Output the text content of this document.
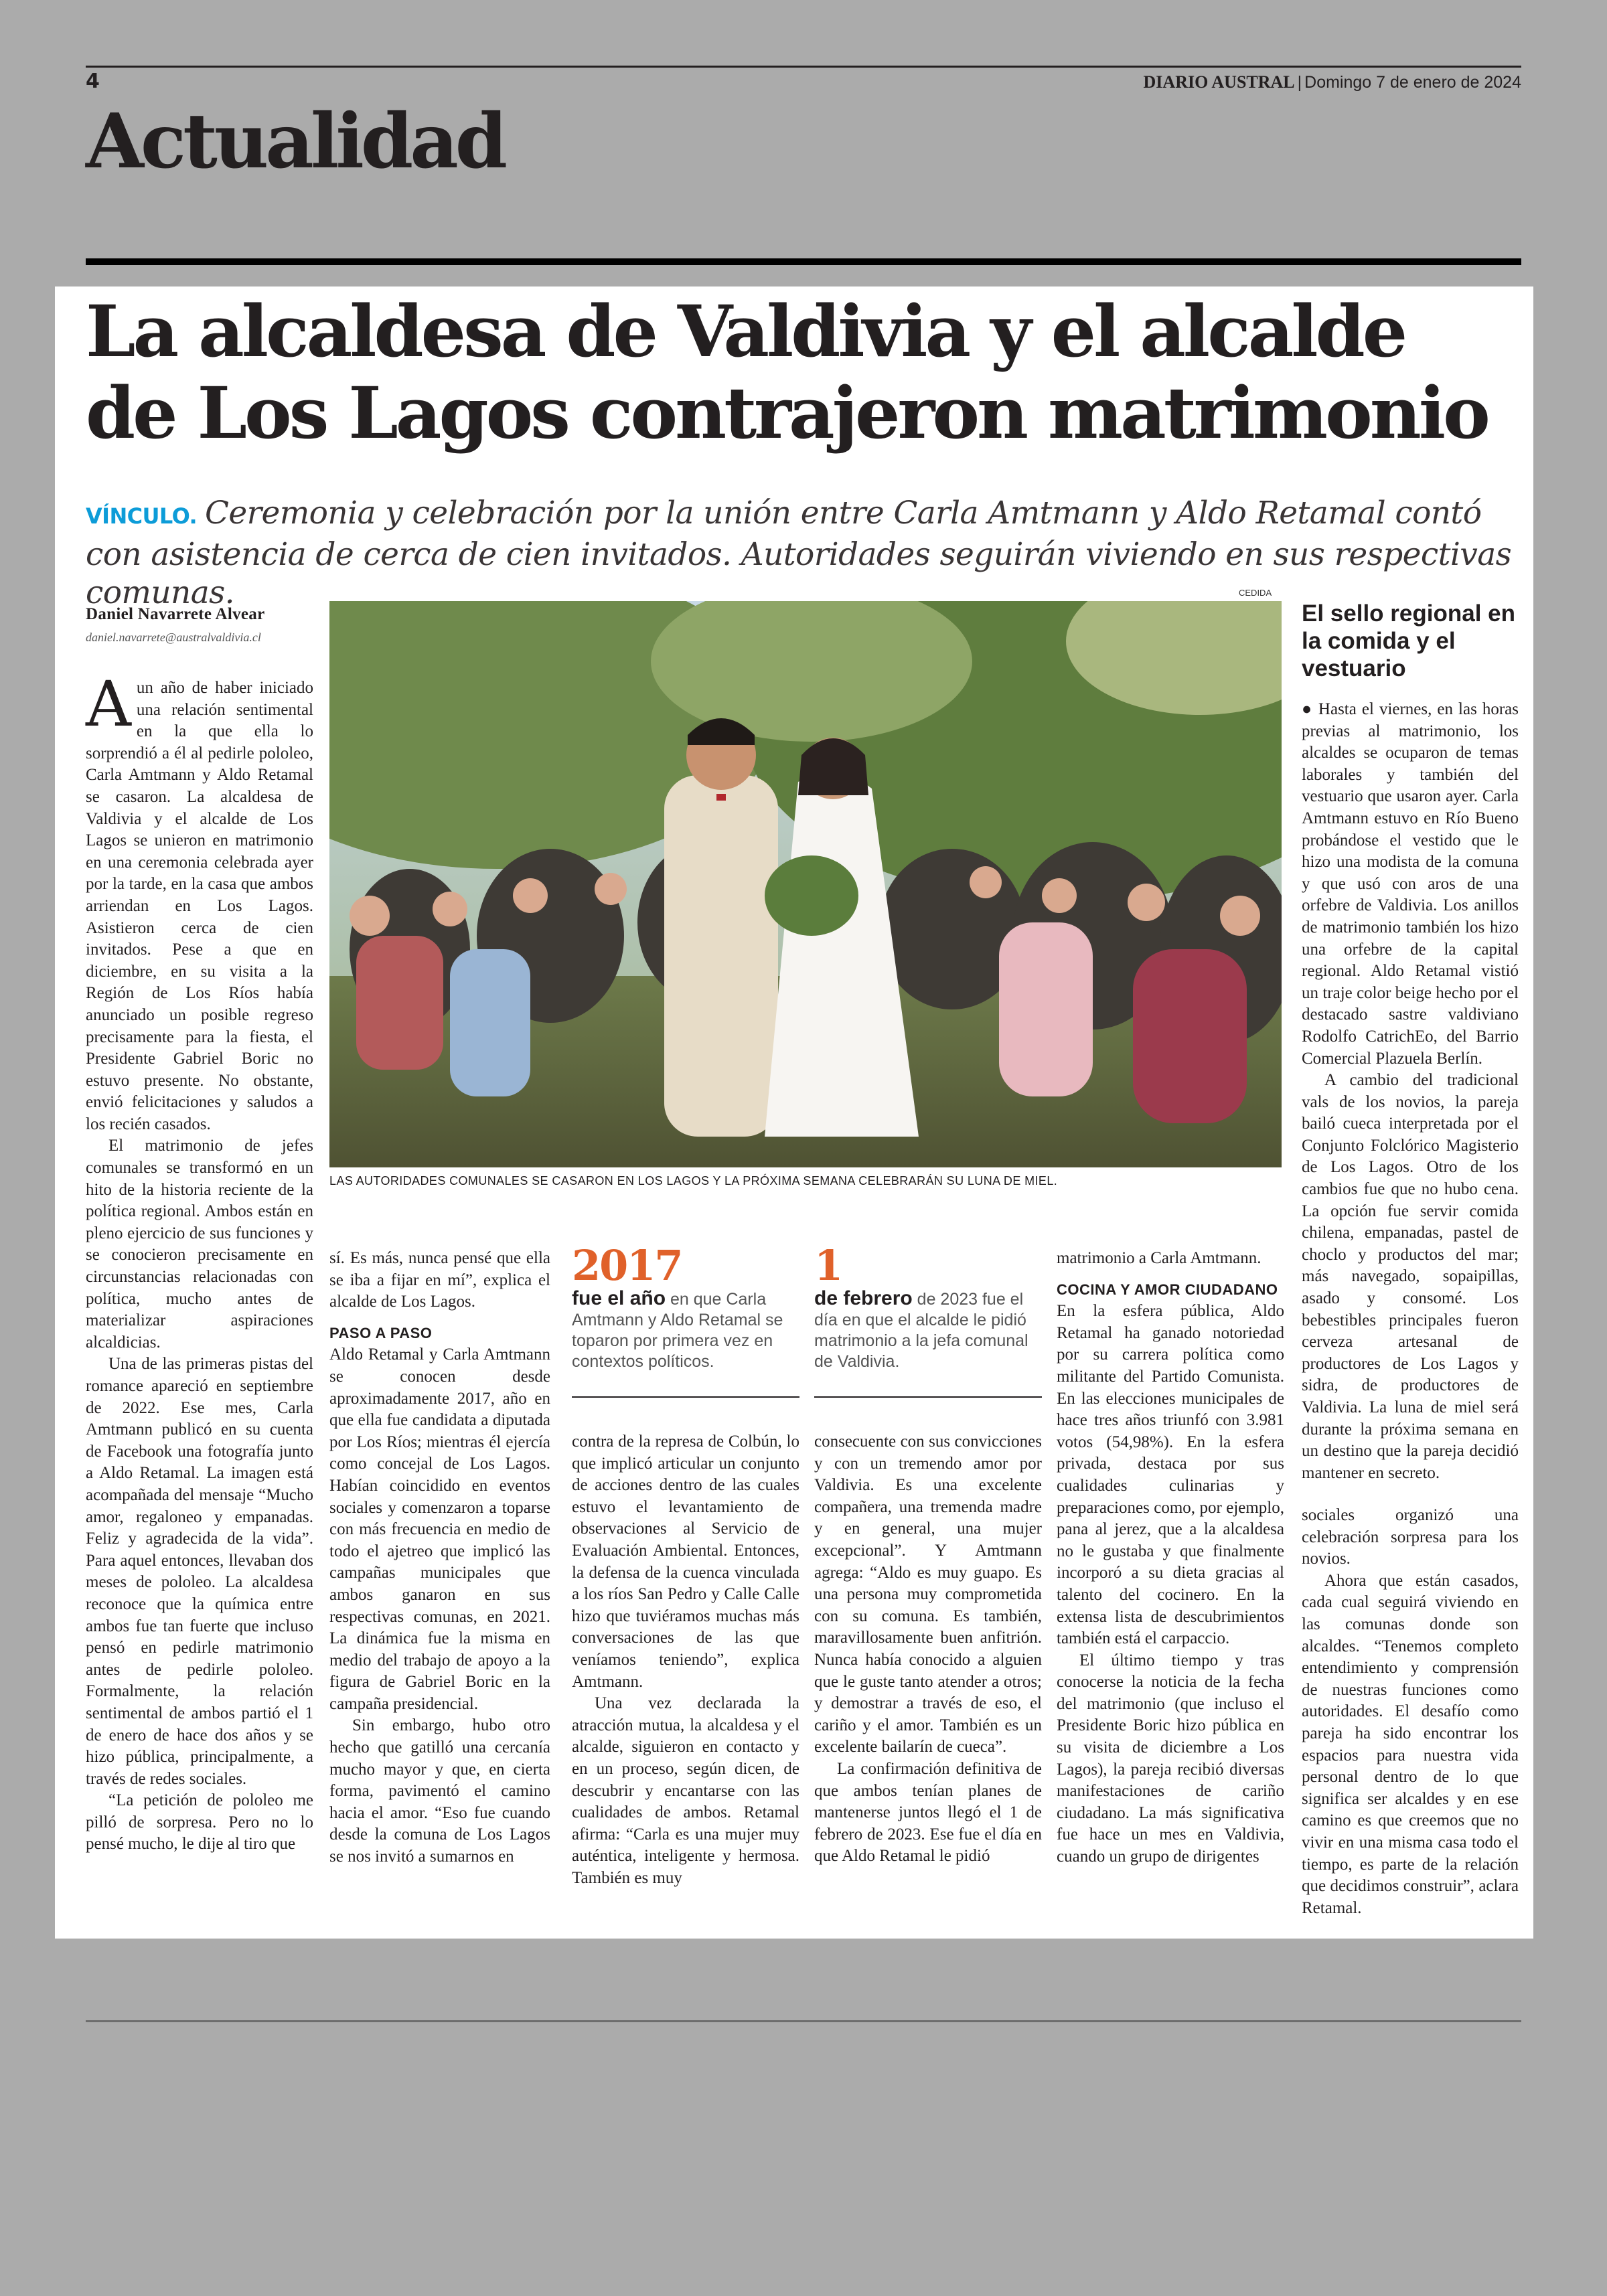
4	DIARIO AUSTRAL | Domingo 7 de enero de 2024
Actualidad
La alcaldesa de Valdivia y el alcalde de Los Lagos contrajeron matrimonio
VÍNCULO. Ceremonia y celebración por la unión entre Carla Amtmann y Aldo Retamal contó con asistencia de cerca de cien invitados. Autoridades seguirán viviendo en sus respectivas comunas.
Daniel Navarrete Alvear
daniel.navarrete@australvaldivia.cl

Aun año de haber iniciado una relación sentimental en la que ella lo sorprendió a él al pedirle pololeo, Carla Amtmann y Aldo Retamal se casaron. La alcaldesa de Valdivia y el alcalde de Los Lagos se unieron en matrimonio en una ceremonia celebrada ayer por la tarde, en la casa que ambos arriendan en Los Lagos. Asistieron cerca de cien invitados. Pese a que en diciembre, en su visita a la Región de Los Ríos había anunciado un posible regreso precisamente para la fiesta, el Presidente Gabriel Boric no estuvo presente. No obstante, envió felicitaciones y saludos a los recién casados.

El matrimonio de jefes comunales se transformó en un hito de la historia reciente de la política regional. Ambos están en pleno ejercicio de sus funciones y se conocieron precisamente en circunstancias relacionadas con política, mucho antes de materializar aspiraciones alcaldicias.

Una de las primeras pistas del romance apareció en septiembre de 2022. Ese mes, Carla Amtmann publicó en su cuenta de Facebook una fotografía junto a Aldo Retamal. La imagen está acompañada del mensaje “Mucho amor, regaloneo y empanadas. Feliz y agradecida de la vida”. Para aquel entonces, llevaban dos meses de pololeo. La alcaldesa reconoce que la química entre ambos fue tan fuerte que incluso pensó en pedirle matrimonio antes de pedirle pololeo. Formalmente, la relación sentimental de ambos partió el 1 de enero de hace dos años y se hizo pública, principalmente, a través de redes sociales.

“La petición de pololeo me pilló de sorpresa. Pero no lo pensé mucho, le dije al tiro que

CEDIDA
LAS AUTORIDADES COMUNALES SE CASARON EN LOS LAGOS Y LA PRÓXIMA SEMANA CELEBRARÁN SU LUNA DE MIEL.

sí. Es más, nunca pensé que ella se iba a fijar en mí”, explica el alcalde de Los Lagos.

PASO A PASO

Aldo Retamal y Carla Amtmann se conocen desde aproximadamente 2017, año en que ella fue candidata a diputada por Los Ríos; mientras él ejercía como concejal de Los Lagos. Habían coincidido en eventos sociales y comenzaron a toparse con más frecuencia en medio de todo el ajetreo que implicó las campañas municipales que ambos ganaron en sus respectivas comunas, en 2021. La dinámica fue la misma en medio del trabajo de apoyo a la figura de Gabriel Boric en la campaña presidencial.

Sin embargo, hubo otro hecho que gatilló una cercanía mucho mayor y que, en cierta forma, pavimentó el camino hacia el amor. “Eso fue cuando desde la comuna de Los Lagos se nos invitó a sumarnos en

2017
fue el año en que Carla Amtmann y Aldo Retamal se toparon por primera vez en contextos políticos.
1
de febrero de 2023 fue el día en que el alcalde le pidió matrimonio a la jefa comunal de Valdivia.

contra de la represa de Colbún, lo que implicó articular un conjunto de acciones dentro de las cuales estuvo el levantamiento de observaciones al Servicio de Evaluación Ambiental. Entonces, la defensa de la cuenca vinculada a los ríos San Pedro y Calle Calle hizo que tuviéramos muchas más conversaciones de las que veníamos teniendo”, explica Amtmann.

Una vez declarada la atracción mutua, la alcaldesa y el alcalde, siguieron en contacto y en un proceso, según dicen, de descubrir y encantarse con las cualidades de ambos. Retamal afirma: “Carla es una mujer muy auténtica, inteligente y hermosa. También es muy

consecuente con sus convicciones y con un tremendo amor por Valdivia. Es una excelente compañera, una tremenda madre y en general, una mujer excepcional”. Y Amtmann agrega: “Aldo es muy guapo. Es una persona muy comprometida con su comuna. Es también, maravillosamente buen anfitrión. Nunca había conocido a alguien que le guste tanto atender a otros; y demostrar a través de eso, el cariño y el amor. También es un excelente bailarín de cueca”.

La confirmación definitiva de que ambos tenían planes de mantenerse juntos llegó el 1 de febrero de 2023. Ese fue el día en que Aldo Retamal le pidió

matrimonio a Carla Amtmann.

COCINA Y AMOR CIUDADANO

En la esfera pública, Aldo Retamal ha ganado notoriedad por su carrera política como militante del Partido Comunista. En las elecciones municipales de hace tres años triunfó con 3.981 votos (54,98%). En la esfera privada, destaca por sus cualidades culinarias y preparaciones como, por ejemplo, pana al jerez, que a la alcaldesa no le gustaba y que finalmente incorporó a su dieta gracias al talento del cocinero. En la extensa lista de descubrimientos también está el carpaccio.

El último tiempo y tras conocerse la noticia de la fecha del matrimonio (que incluso el Presidente Boric hizo pública en su visita de diciembre a Los Lagos), la pareja recibió diversas manifestaciones de cariño ciudadano. La más significativa fue hace un mes en Valdivia, cuando un grupo de dirigentes

El sello regional en la comida y el vestuario

● Hasta el viernes, en las horas previas al matrimonio, los alcaldes se ocuparon de temas laborales y también del vestuario que usaron ayer. Carla Amtmann estuvo en Río Bueno probándose el vestido que le hizo una modista de la comuna y que usó con aros de una orfebre de Valdivia. Los anillos de matrimonio también los hizo una orfebre de la capital regional. Aldo Retamal vistió un traje color beige hecho por el destacado sastre valdiviano Rodolfo CatrichEo, del Barrio Comercial Plazuela Berlín.

A cambio del tradicional vals de los novios, la pareja bailó cueca interpretada por el Conjunto Folclórico Magisterio de Los Lagos. Otro de los cambios fue que no hubo cena. La opción fue servir comida chilena, empanadas, pastel de choclo y productos del mar; más navegado, sopaipillas, asado y consomé. Los bebestibles principales fueron cerveza artesanal de productores de Los Lagos y sidra, de productores de Valdivia. La luna de miel será durante la próxima semana en un destino que la pareja decidió mantener en secreto.

sociales organizó una celebración sorpresa para los novios.

Ahora que están casados, cada cual seguirá viviendo en las comunas donde son alcaldes. “Tenemos completo entendimiento y comprensión de nuestras funciones como autoridades. El desafío como pareja ha sido encontrar los espacios para nuestra vida personal dentro de lo que significa ser alcaldes y en ese camino es que creemos que no vivir en una misma casa todo el tiempo, es parte de la relación que decidimos construir”, aclara Retamal.
